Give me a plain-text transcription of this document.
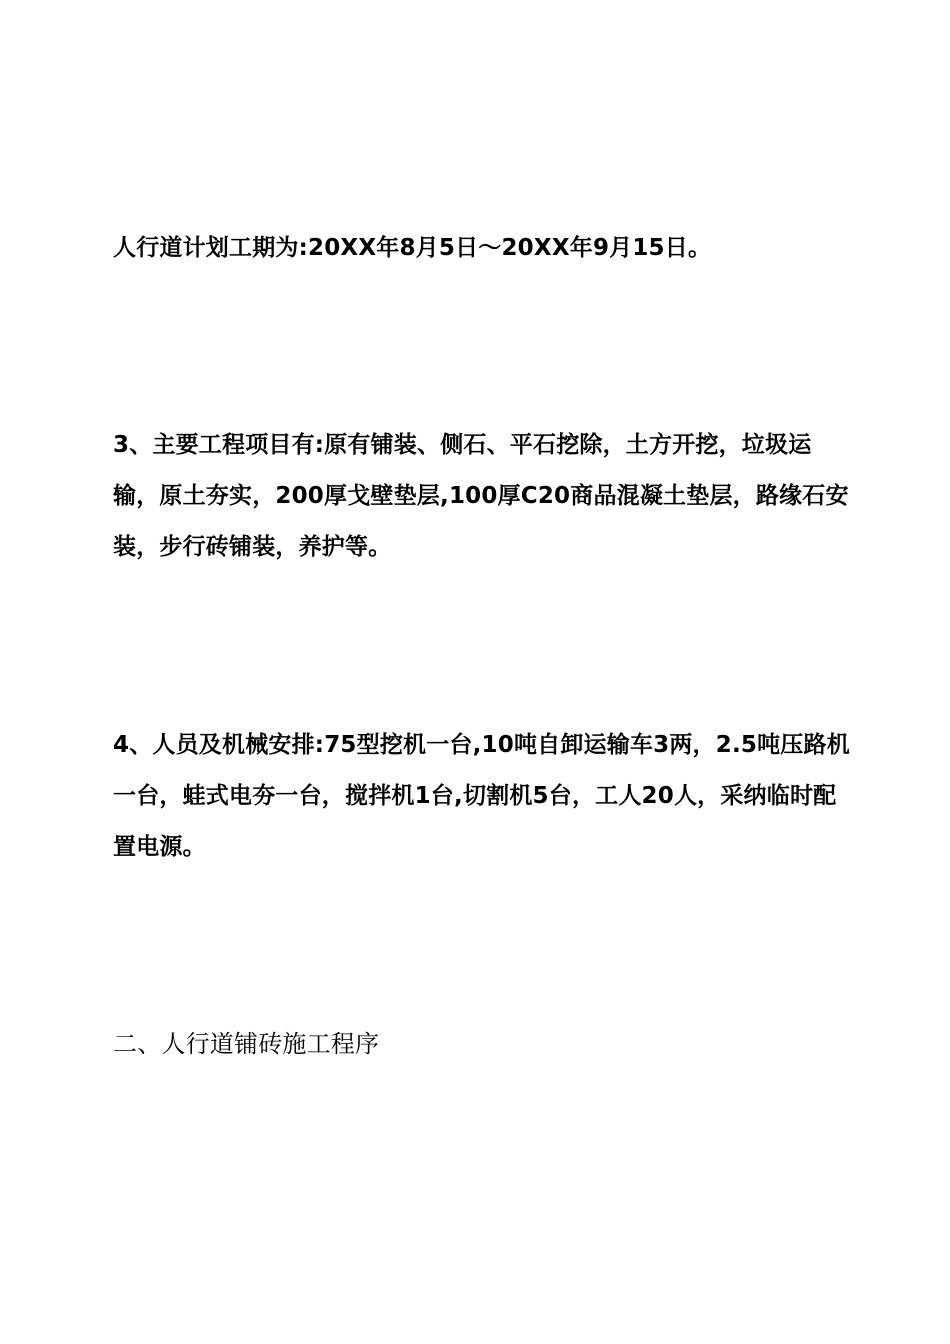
人行道计划工期为:20XX年8月5日～20XX年9月15日。

3、主要工程项目有:原有铺装、侧石、平石挖除，土方开挖，垃圾运输，原土夯实，200厚戈壁垫层,100厚C20商品混凝土垫层，路缘石安装，步行砖铺装，养护等。

4、人员及机械安排:75型挖机一台,10吨自卸运输车3两，2.5吨压路机一台，蛙式电夯一台，搅拌机1台,切割机5台，工人20人，采纳临时配置电源。

二、人行道铺砖施工程序
